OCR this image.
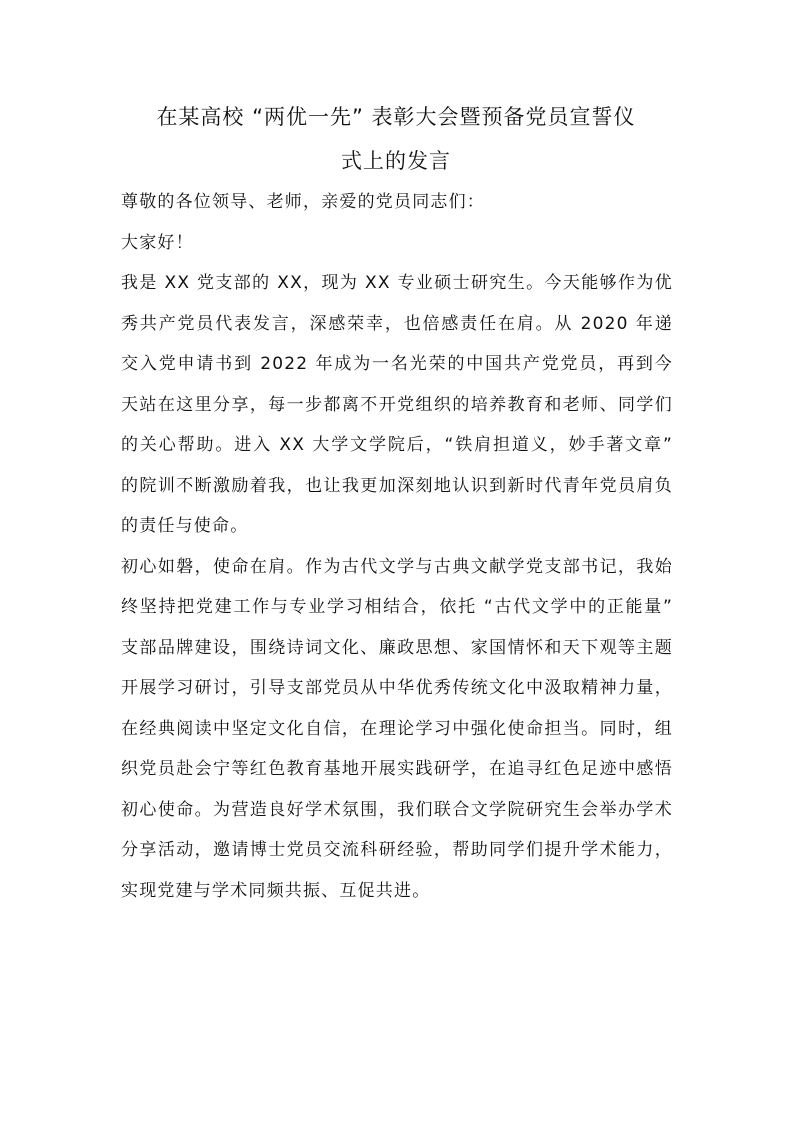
在某高校 “两优一先” 表彰大会暨预备党员宣誓仪
式上的发言

尊敬的各位领导、老师，亲爱的党员同志们：

大家好！

我是 XX 党支部的 XX，现为 XX 专业硕士研究生。今天能够作为优秀共产党员代表发言，深感荣幸，也倍感责任在肩。从 2020 年递交入党申请书到 2022 年成为一名光荣的中国共产党党员，再到今天站在这里分享，每一步都离不开党组织的培养教育和老师、同学们的关心帮助。进入 XX 大学文学院后，“铁肩担道义，妙手著文章” 的院训不断激励着我，也让我更加深刻地认识到新时代青年党员肩负的责任与使命。

初心如磐，使命在肩。作为古代文学与古典文献学党支部书记，我始终坚持把党建工作与专业学习相结合，依托 “古代文学中的正能量” 支部品牌建设，围绕诗词文化、廉政思想、家国情怀和天下观等主题开展学习研讨，引导支部党员从中华优秀传统文化中汲取精神力量，在经典阅读中坚定文化自信，在理论学习中强化使命担当。同时，组织党员赴会宁等红色教育基地开展实践研学，在追寻红色足迹中感悟初心使命。为营造良好学术氛围，我们联合文学院研究生会举办学术分享活动，邀请博士党员交流科研经验，帮助同学们提升学术能力，实现党建与学术同频共振、互促共进。
